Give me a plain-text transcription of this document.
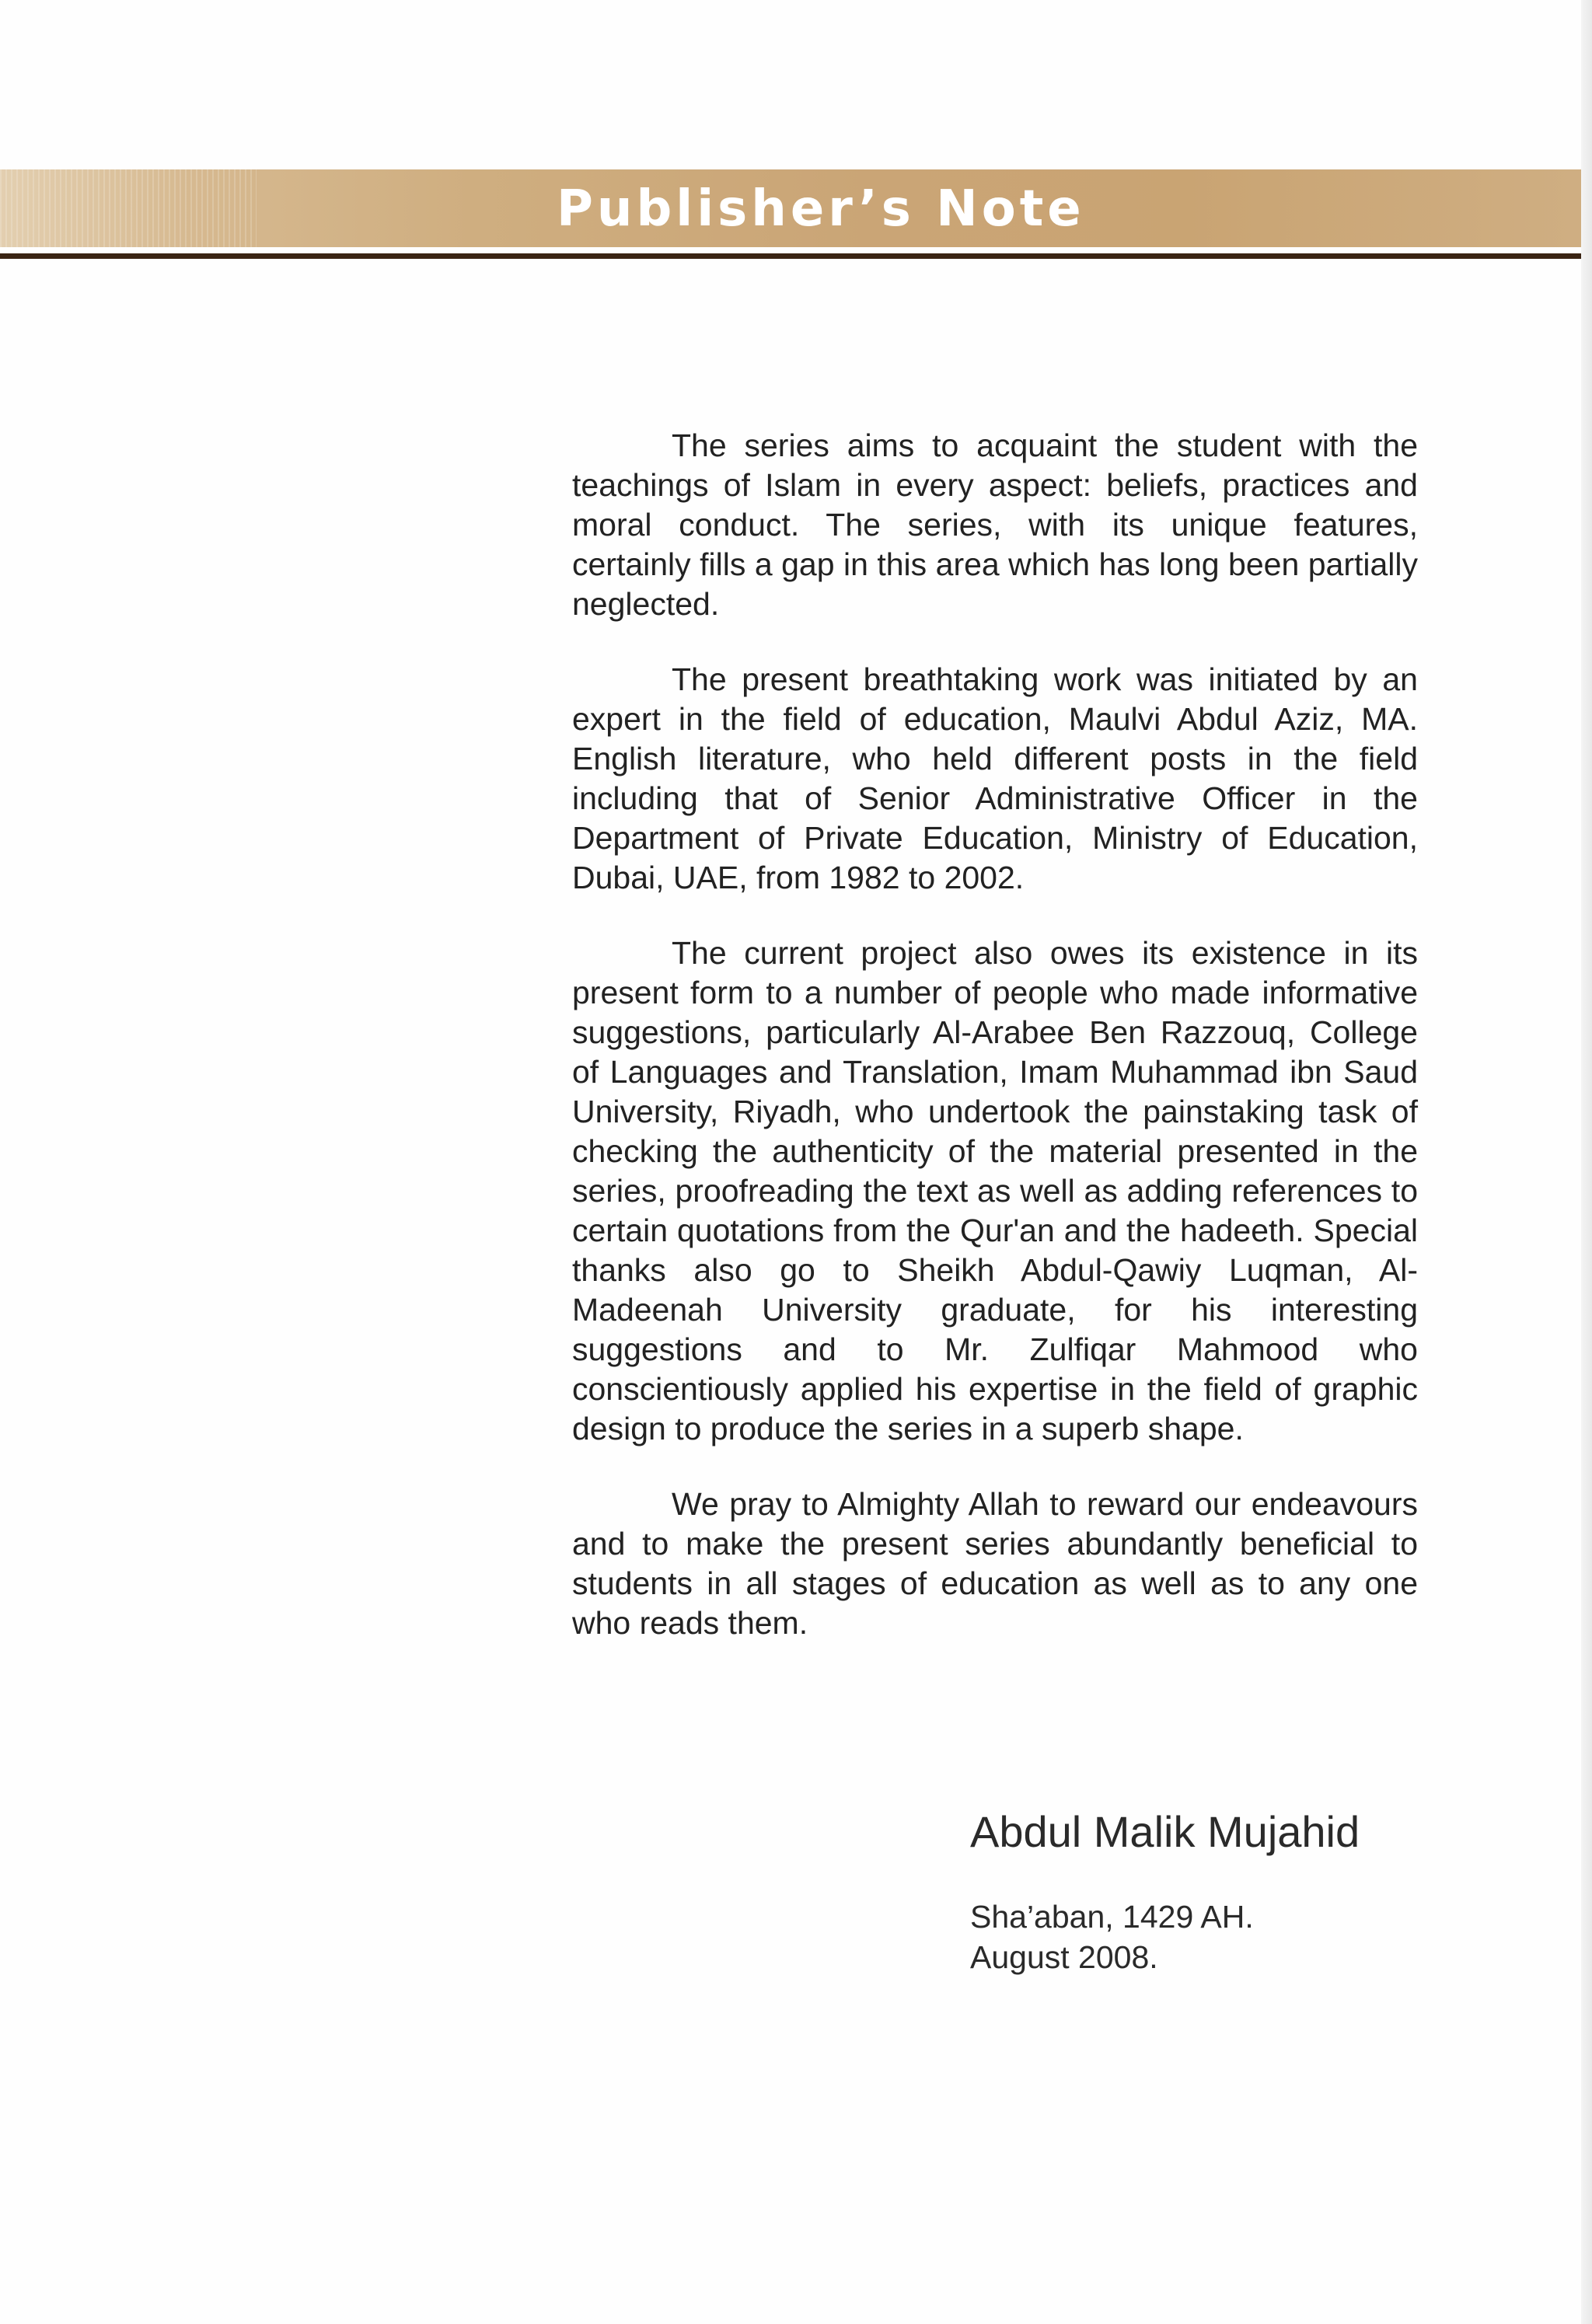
Publisher’s Note

The series aims to acquaint the student with the teachings of Islam in every aspect: beliefs, practices and moral conduct. The series, with its unique features, certainly fills a gap in this area which has long been partially neglected.

The present breathtaking work was initiated by an expert in the field of education, Maulvi Abdul Aziz, MA. English literature, who held different posts in the field including that of Senior Administrative Officer in the Department of Private Education, Ministry of Education, Dubai, UAE, from 1982 to 2002.

The current project also owes its existence in its present form to a number of people who made informative suggestions, particularly Al-Arabee Ben Razzouq, College of Languages and Translation, Imam Muhammad ibn Saud University, Riyadh, who undertook the painstaking task of checking the authenticity of the material presented in the series, proofreading the text as well as adding references to certain quotations from the Qur'an and the hadeeth. Special thanks also go to Sheikh Abdul-Qawiy Luqman, Al-Madeenah University graduate, for his interesting suggestions and to Mr. Zulfiqar Mahmood who conscientiously applied his expertise in the field of graphic design to produce the series in a superb shape.

We pray to Almighty Allah to reward our endeavours and to make the present series abundantly beneficial to students in all stages of education as well as to any one who reads them.

Abdul Malik Mujahid
Sha’aban, 1429 AH.
August 2008.
